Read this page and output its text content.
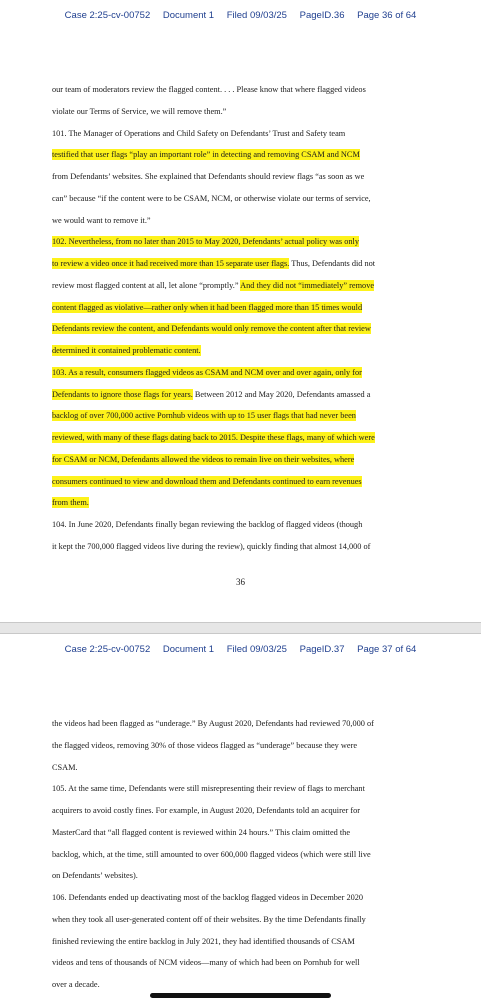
Case 2:25-cv-00752 Document 1 Filed 09/03/25 PageID.36 Page 36 of 64
our team of moderators review the flagged content. . . . Please know that where flagged videos
violate our Terms of Service, we will remove them.”
101. The Manager of Operations and Child Safety on Defendants’ Trust and Safety team
testified that user flags “play an important role” in detecting and removing CSAM and NCM
from Defendants’ websites. She explained that Defendants should review flags “as soon as we
can” because “if the content were to be CSAM, NCM, or otherwise violate our terms of service,
we would want to remove it.”
102. Nevertheless, from no later than 2015 to May 2020, Defendants’ actual policy was only
to review a video once it had received more than 15 separate user flags. Thus, Defendants did not
review most flagged content at all, let alone “promptly.” And they did not “immediately” remove
content flagged as violative—rather only when it had been flagged more than 15 times would
Defendants review the content, and Defendants would only remove the content after that review
determined it contained problematic content.
103. As a result, consumers flagged videos as CSAM and NCM over and over again, only for
Defendants to ignore those flags for years. Between 2012 and May 2020, Defendants amassed a
backlog of over 700,000 active Pornhub videos with up to 15 user flags that had never been
reviewed, with many of these flags dating back to 2015. Despite these flags, many of which were
for CSAM or NCM, Defendants allowed the videos to remain live on their websites, where
consumers continued to view and download them and Defendants continued to earn revenues
from them.
104. In June 2020, Defendants finally began reviewing the backlog of flagged videos (though
it kept the 700,000 flagged videos live during the review), quickly finding that almost 14,000 of
36
Case 2:25-cv-00752 Document 1 Filed 09/03/25 PageID.37 Page 37 of 64
the videos had been flagged as “underage.” By August 2020, Defendants had reviewed 70,000 of
the flagged videos, removing 30% of those videos flagged as “underage” because they were
CSAM.
105. At the same time, Defendants were still misrepresenting their review of flags to merchant
acquirers to avoid costly fines. For example, in August 2020, Defendants told an acquirer for
MasterCard that “all flagged content is reviewed within 24 hours.” This claim omitted the
backlog, which, at the time, still amounted to over 600,000 flagged videos (which were still live
on Defendants’ websites).
106. Defendants ended up deactivating most of the backlog flagged videos in December 2020
when they took all user-generated content off of their websites. By the time Defendants finally
finished reviewing the entire backlog in July 2021, they had identified thousands of CSAM
videos and tens of thousands of NCM videos—many of which had been on Pornhub for well
over a decade.
